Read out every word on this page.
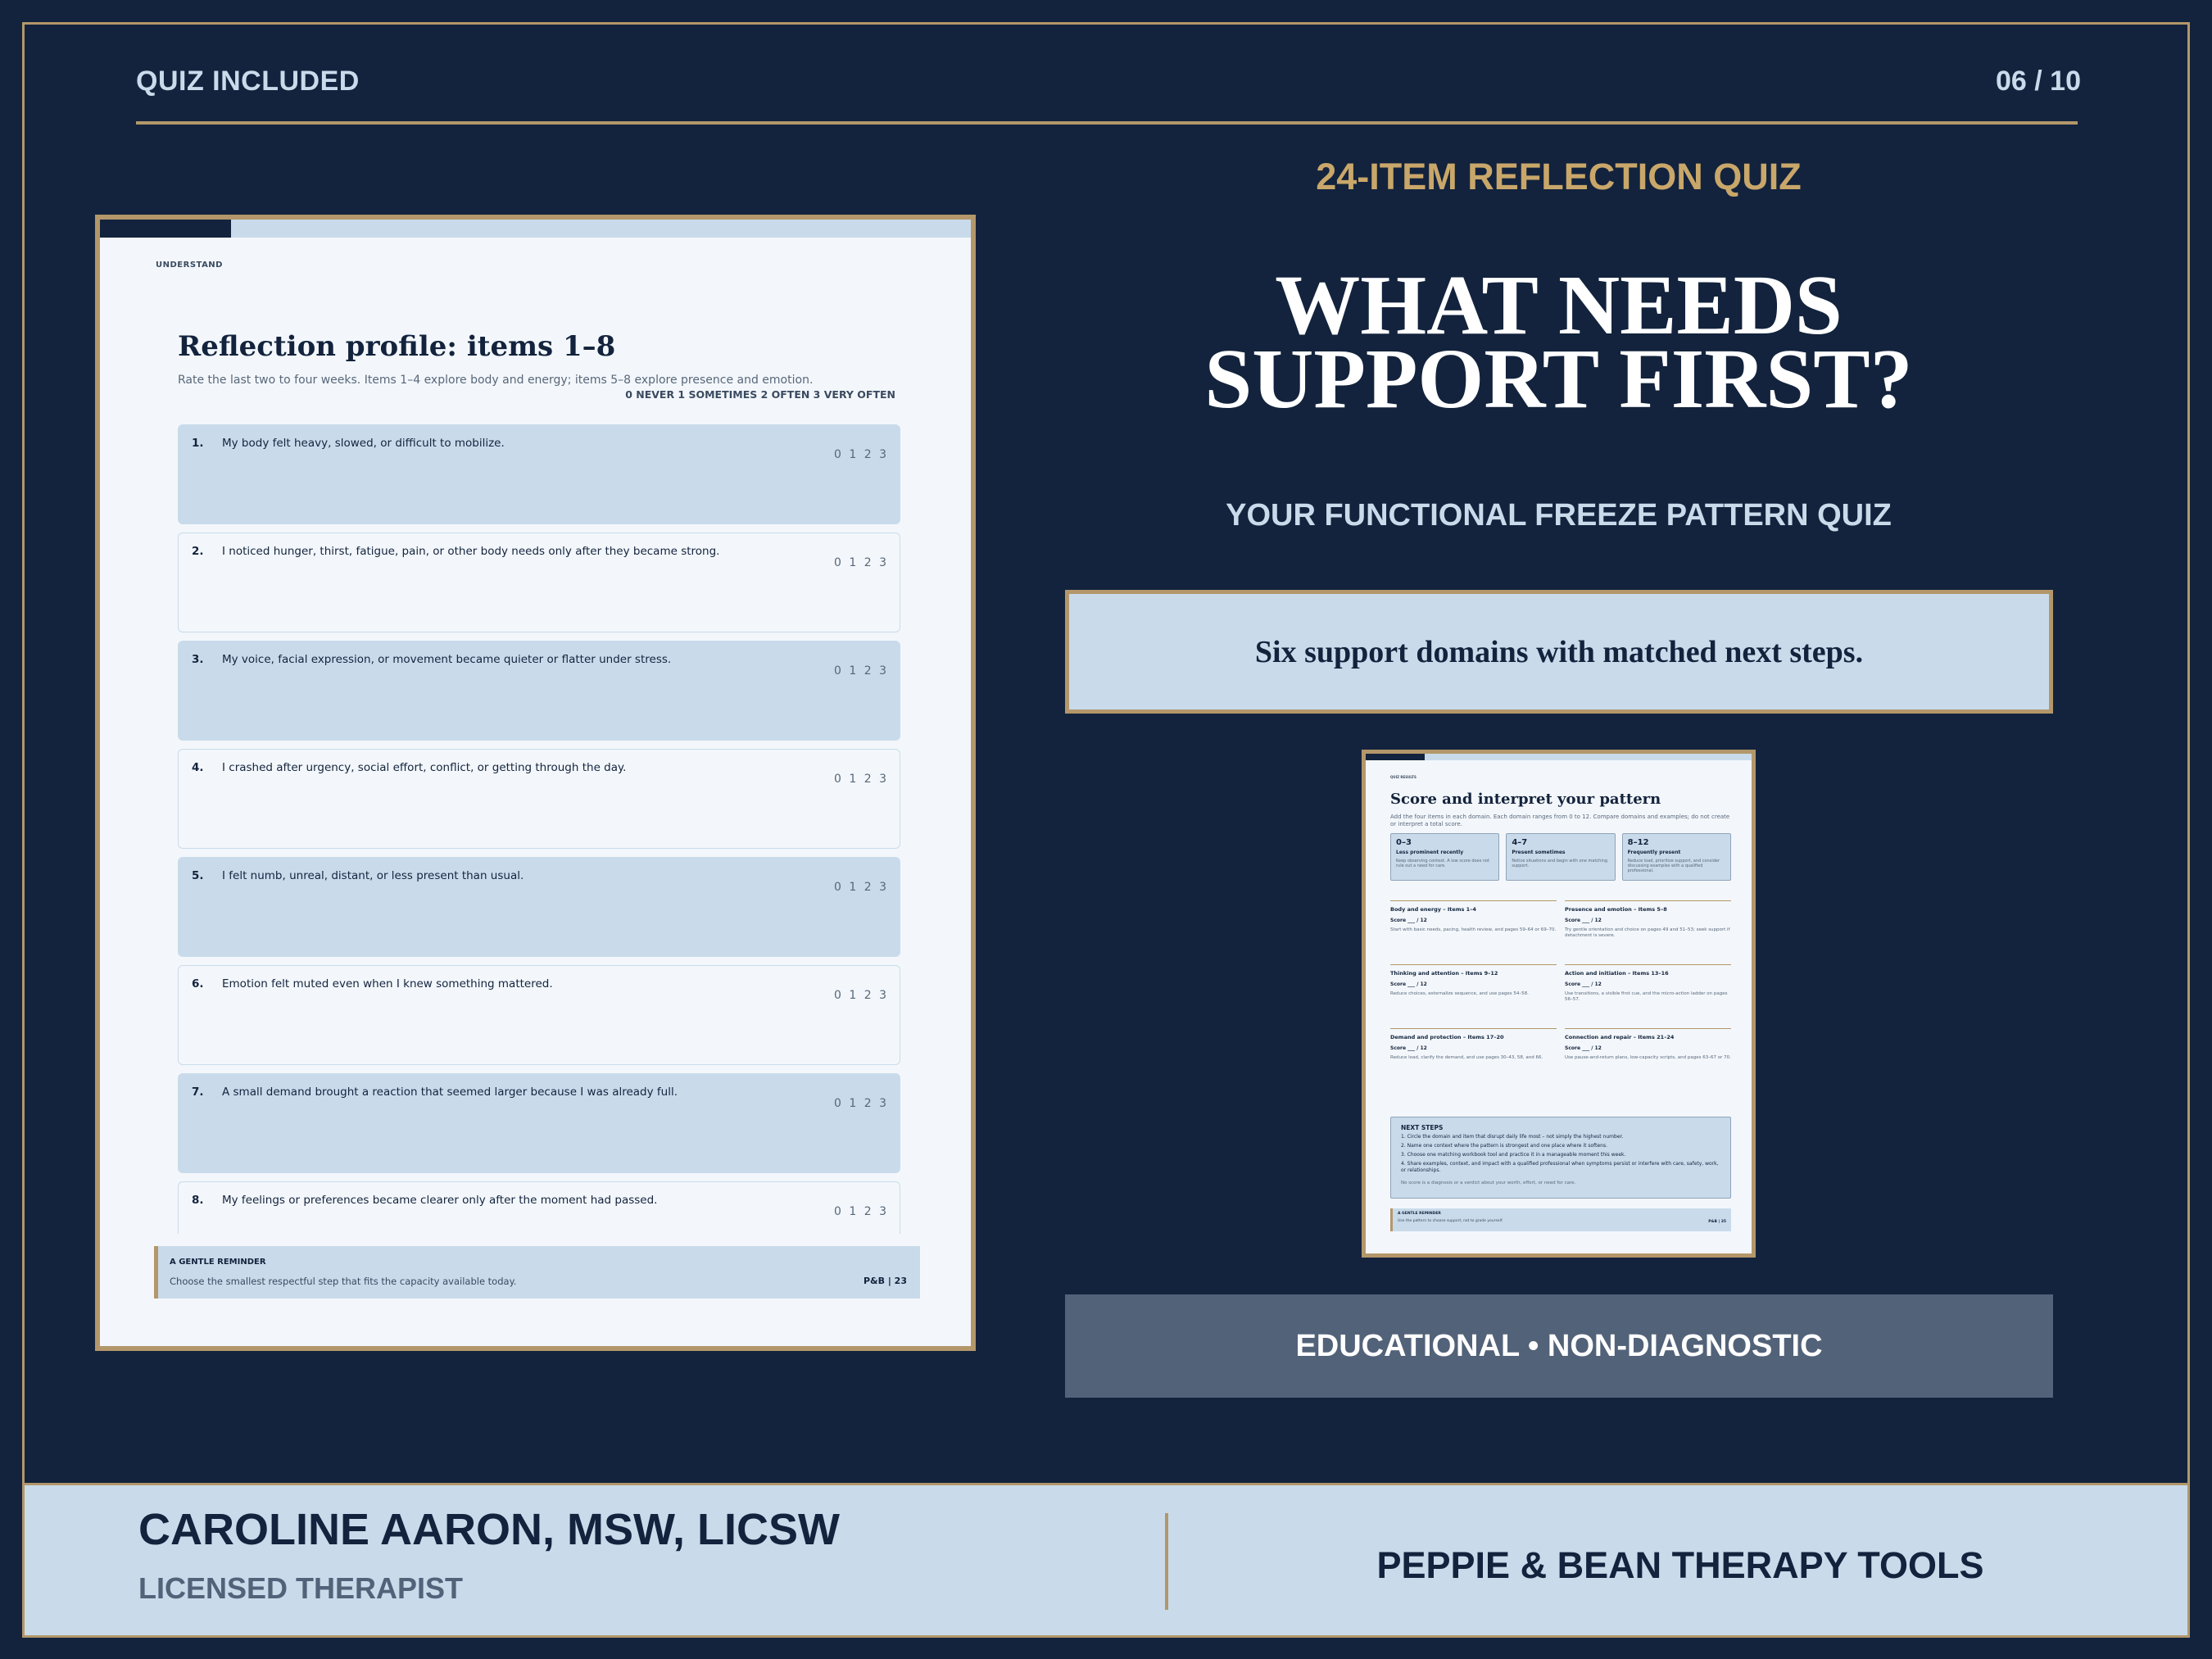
QUIZ INCLUDED	06 / 10
UNDERSTAND
Reflection profile: items 1–8
Rate the last two to four weeks. Items 1–4 explore body and energy; items 5–8 explore presence and emotion.
0 NEVER 1 SOMETIMES 2 OFTEN 3 VERY OFTEN
1. My body felt heavy, slowed, or difficult to mobilize.
0 1 2 3
2. I noticed hunger, thirst, fatigue, pain, or other body needs only after they became strong.
0 1 2 3
3. My voice, facial expression, or movement became quieter or flatter under stress.
0 1 2 3
4. I crashed after urgency, social effort, conflict, or getting through the day.
0 1 2 3
5. I felt numb, unreal, distant, or less present than usual.
0 1 2 3
6. Emotion felt muted even when I knew something mattered.
0 1 2 3
7. A small demand brought a reaction that seemed larger because I was already full.
0 1 2 3
8. My feelings or preferences became clearer only after the moment had passed.
0 1 2 3
A GENTLE REMINDER
Choose the smallest respectful step that fits the capacity available today.	P&B | 23
24-ITEM REFLECTION QUIZ
WHAT NEEDS
SUPPORT FIRST?
YOUR FUNCTIONAL FREEZE PATTERN QUIZ
Six support domains with matched next steps.
QUIZ RESULTS
Score and interpret your pattern
Add the four items in each domain. Each domain ranges from 0 to 12. Compare domains and examples; do not create or interpret a total score.
0–3
Less prominent recently
Keep observing context. A low score does not rule out a need for care.
4–7
Present sometimes
Notice situations and begin with one matching support.
8–12
Frequently present
Reduce load, prioritize support, and consider discussing examples with a qualified professional.
Body and energy – Items 1–4
Score ___ / 12
Start with basic needs, pacing, health review, and pages 59–64 or 69–70.
Presence and emotion – Items 5–8
Score ___ / 12
Try gentle orientation and choice on pages 49 and 51–53; seek support if detachment is severe.
Thinking and attention – Items 9–12
Score ___ / 12
Reduce choices, externalize sequence, and use pages 54–58.
Action and initiation – Items 13–16
Score ___ / 12
Use transitions, a visible first cue, and the micro-action ladder on pages 56–57.
Demand and protection – Items 17–20
Score ___ / 12
Reduce load, clarify the demand, and use pages 30–43, 58, and 66.
Connection and repair – Items 21–24
Score ___ / 12
Use pause-and-return plans, low-capacity scripts, and pages 63–67 or 70.
NEXT STEPS
1. Circle the domain and item that disrupt daily life most – not simply the highest number.
2. Name one context where the pattern is strongest and one place where it softens.
3. Choose one matching workbook tool and practice it in a manageable moment this week.
4. Share examples, context, and impact with a qualified professional when symptoms persist or interfere with care, safety, work, or relationships.
No score is a diagnosis or a verdict about your worth, effort, or need for care.
A GENTLE REMINDER
Use the pattern to choose support, not to grade yourself.	P&B | 35
EDUCATIONAL • NON-DIAGNOSTIC
CAROLINE AARON, MSW, LICSW
LICENSED THERAPIST
PEPPIE & BEAN THERAPY TOOLS
